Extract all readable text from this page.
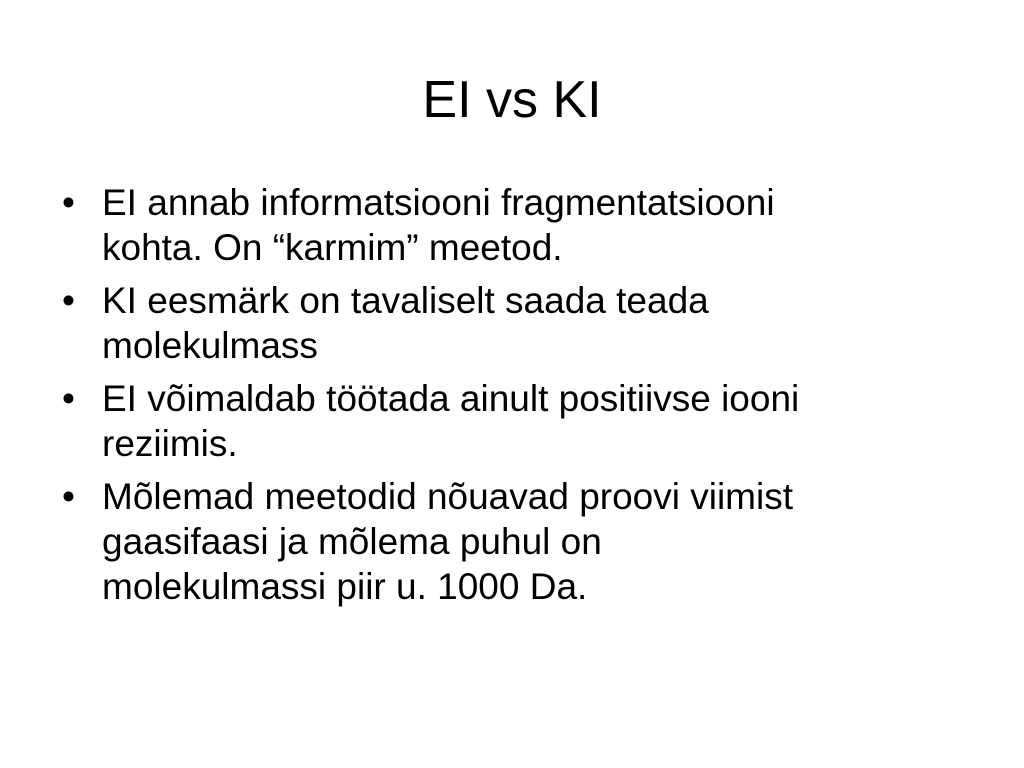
EI vs KI
• EI annab informatsiooni fragmentatsiooni
kohta. On “karmim” meetod.
• KI eesmärk on tavaliselt saada teada
molekulmass
• EI võimaldab töötada ainult positiivse iooni
reziimis.
• Mõlemad meetodid nõuavad proovi viimist
gaasifaasi ja mõlema puhul on
molekulmassi piir u. 1000 Da.
